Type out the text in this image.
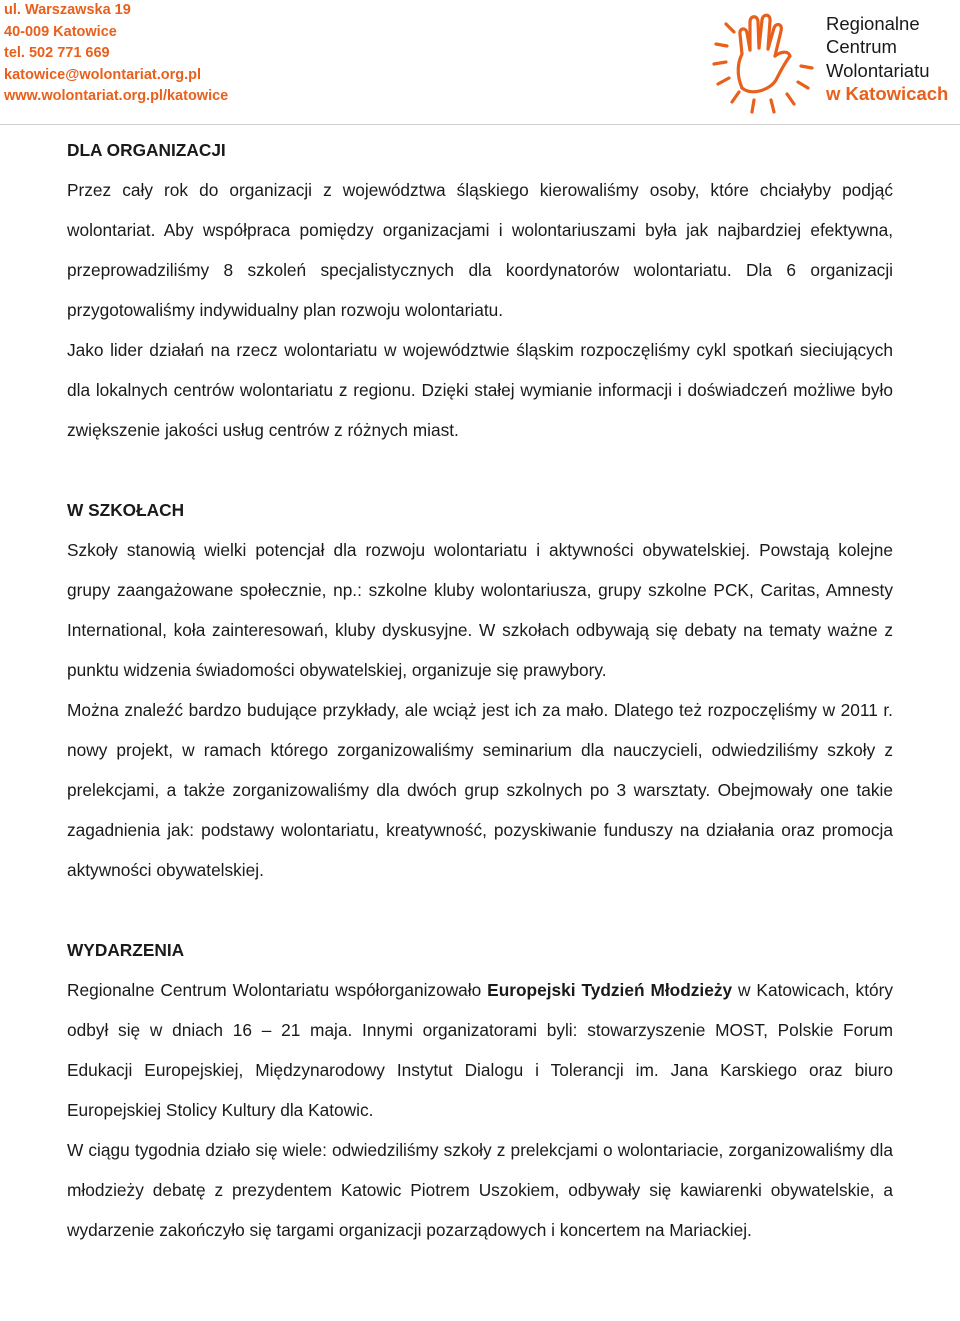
ul. Warszawska 19
40-009 Katowice
tel. 502 771 669
katowice@wolontariat.org.pl
www.wolontariat.org.pl/katowice
Regionalne
Centrum
Wolontariatu
w Katowicach
DLA ORGANIZACJI

Przez cały rok do organizacji z województwa śląskiego kierowaliśmy osoby, które chciałyby podjąć wolontariat. Aby współpraca pomiędzy organizacjami i wolontariuszami była jak najbardziej efektywna, przeprowadziliśmy 8 szkoleń specjalistycznych dla koordynatorów wolontariatu. Dla 6 organizacji przygotowaliśmy indywidualny plan rozwoju wolontariatu.

Jako lider działań na rzecz wolontariatu w województwie śląskim rozpoczęliśmy cykl spotkań sieciujących dla lokalnych centrów wolontariatu z regionu. Dzięki stałej wymianie informacji i doświadczeń możliwe było zwiększenie jakości usług centrów z różnych miast.

W SZKOŁACH

Szkoły stanowią wielki potencjał dla rozwoju wolontariatu i aktywności obywatelskiej. Powstają kolejne grupy zaangażowane społecznie, np.: szkolne kluby wolontariusza, grupy szkolne PCK, Caritas, Amnesty International, koła zainteresowań, kluby dyskusyjne. W szkołach odbywają się debaty na tematy ważne z punktu widzenia świadomości obywatelskiej, organizuje się prawybory.

Można znaleźć bardzo budujące przykłady, ale wciąż jest ich za mało. Dlatego też rozpoczęliśmy w 2011 r. nowy projekt, w ramach którego zorganizowaliśmy seminarium dla nauczycieli, odwiedziliśmy szkoły z prelekcjami, a także zorganizowaliśmy dla dwóch grup szkolnych po 3 warsztaty. Obejmowały one takie zagadnienia jak: podstawy wolontariatu, kreatywność, pozyskiwanie funduszy na działania oraz promocja aktywności obywatelskiej.

WYDARZENIA

Regionalne Centrum Wolontariatu współorganizowało Europejski Tydzień Młodzieży w Katowicach, który odbył się w dniach 16 – 21 maja. Innymi organizatorami byli: stowarzyszenie MOST, Polskie Forum Edukacji Europejskiej, Międzynarodowy Instytut Dialogu i Tolerancji im. Jana Karskiego oraz biuro Europejskiej Stolicy Kultury dla Katowic.

W ciągu tygodnia działo się wiele: odwiedziliśmy szkoły z prelekcjami o wolontariacie, zorganizowaliśmy dla młodzieży debatę z prezydentem Katowic Piotrem Uszokiem, odbywały się kawiarenki obywatelskie, a wydarzenie zakończyło się targami organizacji pozarządowych i koncertem na Mariackiej.
